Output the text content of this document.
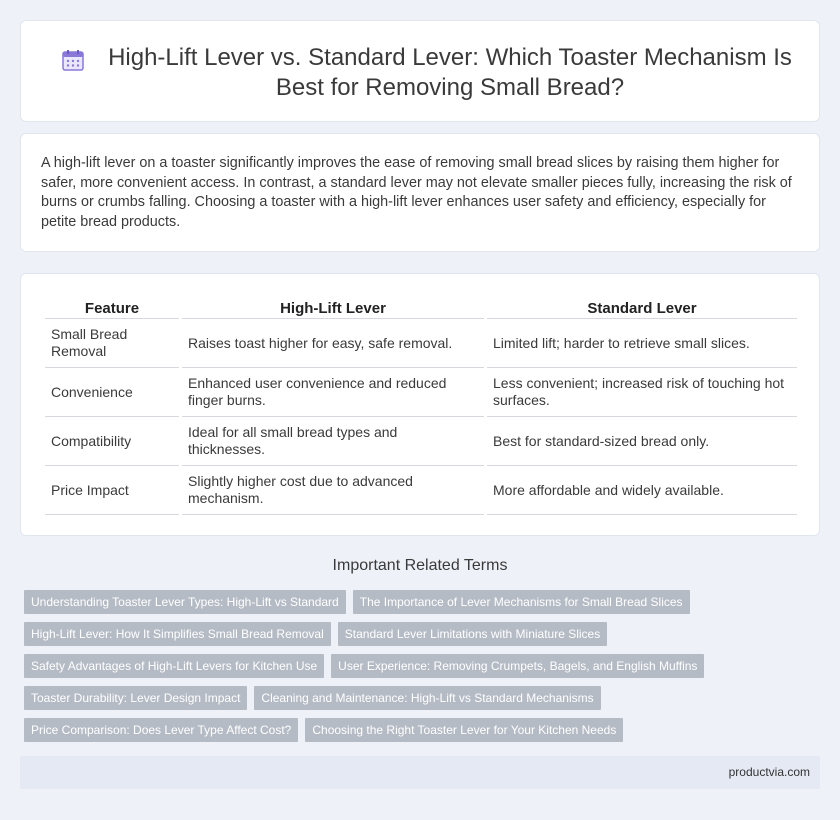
High-Lift Lever vs. Standard Lever: Which Toaster Mechanism Is Best for Removing Small Bread?

A high-lift lever on a toaster significantly improves the ease of removing small bread slices by raising them higher for safer, more convenient access. In contrast, a standard lever may not elevate smaller pieces fully, increasing the risk of burns or crumbs falling. Choosing a toaster with a high-lift lever enhances user safety and efficiency, especially for petite bread products.

Feature	High-Lift Lever	Standard Lever
Small Bread Removal	Raises toast higher for easy, safe removal.	Limited lift; harder to retrieve small slices.
Convenience	Enhanced user convenience and reduced finger burns.	Less convenient; increased risk of touching hot surfaces.
Compatibility	Ideal for all small bread types and thicknesses.	Best for standard-sized bread only.
Price Impact	Slightly higher cost due to advanced mechanism.	More affordable and widely available.
Important Related Terms
Understanding Toaster Lever Types: High-Lift vs Standard	The Importance of Lever Mechanisms for Small Bread Slices
High-Lift Lever: How It Simplifies Small Bread Removal	Standard Lever Limitations with Miniature Slices
Safety Advantages of High-Lift Levers for Kitchen Use	User Experience: Removing Crumpets, Bagels, and English Muffins
Toaster Durability: Lever Design Impact	Cleaning and Maintenance: High-Lift vs Standard Mechanisms
Price Comparison: Does Lever Type Affect Cost?	Choosing the Right Toaster Lever for Your Kitchen Needs
productvia.com
